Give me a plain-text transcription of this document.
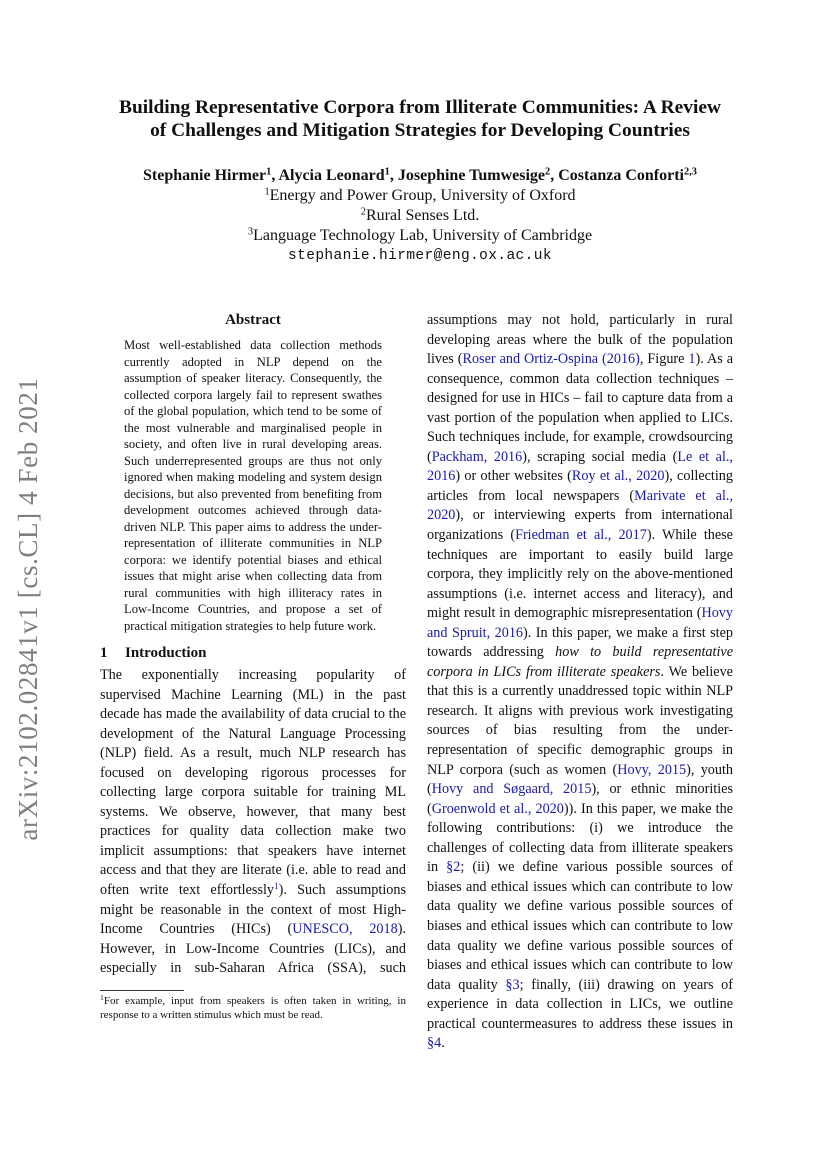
arXiv:2102.02841v1 [cs.CL] 4 Feb 2021
Building Representative Corpora from Illiterate Communities: A Review
of Challenges and Mitigation Strategies for Developing Countries
Stephanie Hirmer$^1$, Alycia Leonard$^1$, Josephine Tumwesige$^2$, Costanza Conforti$^{2,3}$
$^1$Energy and Power Group, University of Oxford
$^2$Rural Senses Ltd.
$^3$Language Technology Lab, University of Cambridge
stephanie.hirmer@eng.ox.ac.uk
Abstract
Most well-established data collection methods currently adopted in NLP depend on the assumption of speaker literacy. Consequently, the collected corpora largely fail to represent swathes of the global population, which tend to be some of the most vulnerable and marginalised people in society, and often live in rural developing areas. Such underrepresented groups are thus not only ignored when making modeling and system design decisions, but also prevented from benefiting from development outcomes achieved through data-driven NLP. This paper aims to address the under-representation of illiterate communities in NLP corpora: we identify potential biases and ethical issues that might arise when collecting data from rural communities with high illiteracy rates in Low-Income Countries, and propose a set of practical mitigation strategies to help future work.
1 Introduction
The exponentially increasing popularity of supervised Machine Learning (ML) in the past decade has made the availability of data crucial to the development of the Natural Language Processing (NLP) field. As a result, much NLP research has focused on developing rigorous processes for collecting large corpora suitable for training ML systems. We observe, however, that many best practices for quality data collection make two implicit assumptions: that speakers have internet access and that they are literate (i.e. able to read and often write text effortlessly$^1$). Such assumptions might be reasonable in the context of most High-Income Countries (HICs) (UNESCO, 2018). However, in Low-Income Countries (LICs), and especially in sub-Saharan Africa (SSA), such
$^1$For example, input from speakers is often taken in writing, in response to a written stimulus which must be read.
assumptions may not hold, particularly in rural developing areas where the bulk of the population lives (Roser and Ortiz-Ospina (2016), Figure 1). As a consequence, common data collection techniques – designed for use in HICs – fail to capture data from a vast portion of the population when applied to LICs. Such techniques include, for example, crowdsourcing (Packham, 2016), scraping social media (Le et al., 2016) or other websites (Roy et al., 2020), collecting articles from local newspapers (Marivate et al., 2020), or interviewing experts from international organizations (Friedman et al., 2017). While these techniques are important to easily build large corpora, they implicitly rely on the above-mentioned assumptions (i.e. internet access and literacy), and might result in demographic misrepresentation (Hovy and Spruit, 2016). In this paper, we make a first step towards addressing how to build representative corpora in LICs from illiterate speakers. We believe that this is a currently unaddressed topic within NLP research. It aligns with previous work investigating sources of bias resulting from the under-representation of specific demographic groups in NLP corpora (such as women (Hovy, 2015), youth (Hovy and Søgaard, 2015), or ethnic minorities (Groenwold et al., 2020)). In this paper, we make the following contributions: (i) we introduce the challenges of collecting data from illiterate speakers in §2; (ii) we define various possible sources of biases and ethical issues which can contribute to low data quality we define various possible sources of biases and ethical issues which can contribute to low data quality we define various possible sources of biases and ethical issues which can contribute to low data quality §3; finally, (iii) drawing on years of experience in data collection in LICs, we outline practical countermeasures to address these issues in §4.
